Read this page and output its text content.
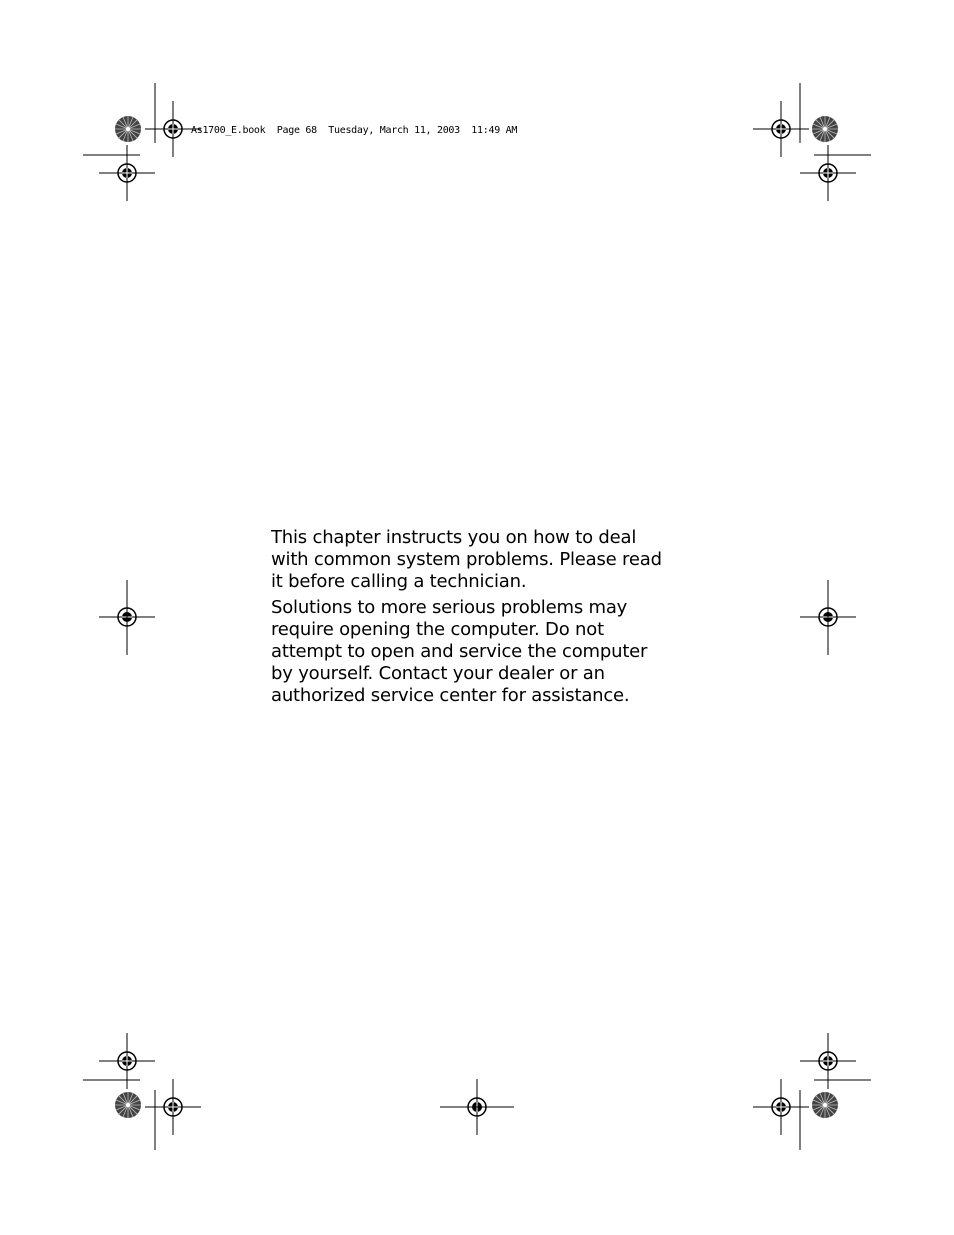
As1700_E.book  Page 68  Tuesday, March 11, 2003  11:49 AM

This chapter instructs you on how to deal with common system problems. Please read it before calling a technician.

Solutions to more serious problems may require opening the computer. Do not attempt to open and service the computer by yourself. Contact your dealer or an authorized service center for assistance.
